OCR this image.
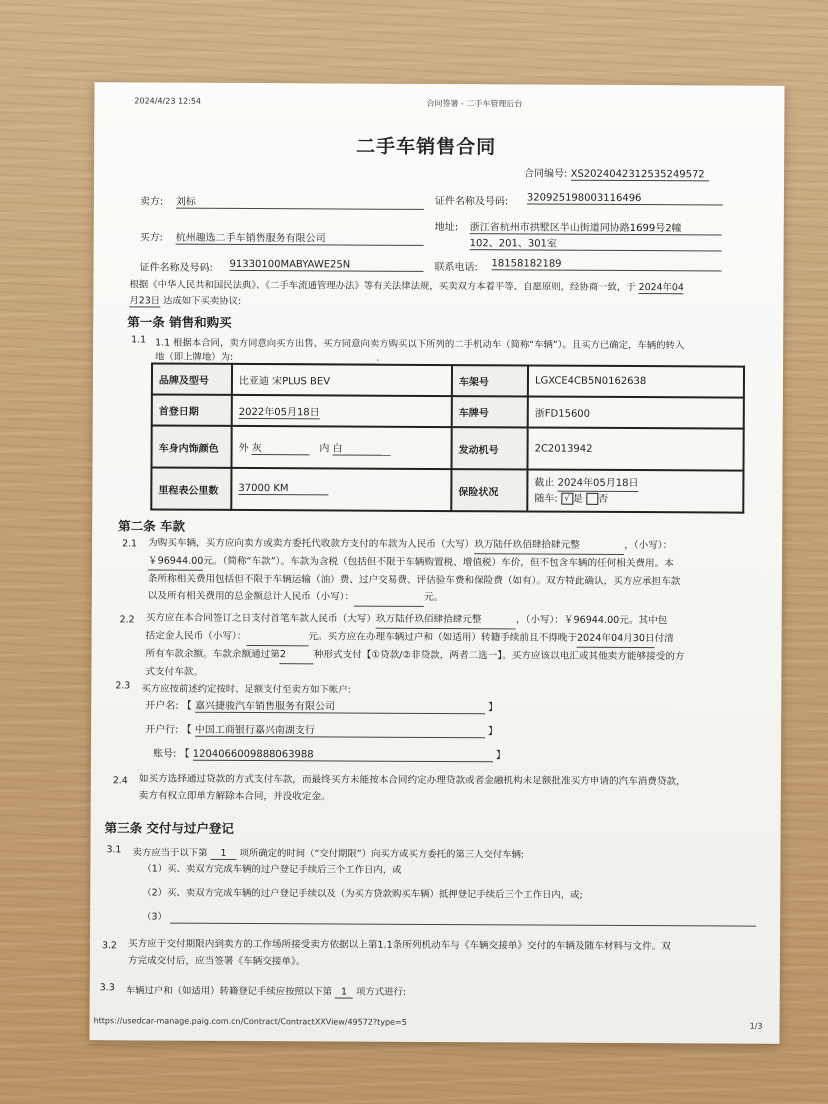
2024/4/23 12:54	合同签署 - 二手车管理后台
二手车销售合同
合同编号: XS2024042312535249572
卖方: 刘标	证件名称及号码: 320925198003116496
买方: 杭州趣选二手车销售服务有限公司
地址: 浙江省杭州市拱墅区半山街道同协路1699号2幢
102、201、301室
证件名称及号码: 91330100MABYAWE25N	联系电话: 18158182189
根据《中华人民共和国民法典》、《二手车流通管理办法》等有关法律法规，买卖双方本着平等、自愿原则，经协商一致，于 2024年04
月23日 达成如下买卖协议:
第一条 销售和购买
1.1 1.1 根据本合同，卖方同意向买方出售、买方同意向卖方购买以下所列的二手机动车（简称“车辆”）。且买方已确定，车辆的转入
地（即上牌地）为:	.
品牌及型号	比亚迪 宋PLUS BEV	车架号	LGXCE4CB5N0162638
首登日期	2022年05月18日	车牌号	浙FD15600
车身内饰颜色	外 灰 内 白	发动机号	2C2013942
里程表公里数	37000 KM	保险状况	截止 2024年05月18日
随车: √ 是 否
第二条 车款
2.1 为购买车辆，买方应向卖方或卖方委托代收款方支付的车款为人民币（大写）玖万陆仟玖佰肆拾肆元整	，（小写）：
￥96944.00元。（简称“车款”）。车款为含税（包括但不限于车辆购置税、增值税）车价，但不包含车辆的任何相关费用。本
条所称相关费用包括但不限于车辆运输（油）费、过户交易费、评估验车费和保险费（如有）。双方特此确认，买方应承担车款
以及所有相关费用的总金额总计人民币（小写）：	元。
2.2 买方应在本合同签订之日支付首笔车款人民币（大写）玖万陆仟玖佰肆拾肆元整	，（小写）：￥96944.00元。其中包
括定金人民币（小写）：	元。买方应在办理车辆过户和（如适用）转籍手续前且不得晚于2024年04月30日付清
所有车款余额。车款余额通过第2	种形式支付【①贷款/②非贷款，两者二选一】。买方应该以电汇或其他卖方能够接受的方
式支付车款。
2.3 买方应按前述约定按时、足额支付至卖方如下帐户:
开户名: 【 嘉兴捷骏汽车销售服务有限公司	】
开户行: 【 中国工商银行嘉兴南湖支行	】
账号: 【 1204066009888063988	】
2.4 如买方选择通过贷款的方式支付车款，而最终买方未能按本合同约定办理贷款或者金融机构未足额批准买方申请的汽车消费贷款，
卖方有权立即单方解除本合同，并没收定金。
第三条 交付与过户登记
3.1 卖方应当于以下第 1 项所确定的时间（“交付期限”）向买方或买方委托的第三人交付车辆:
（1）买、卖双方完成车辆的过户登记手续后三个工作日内，或
（2）买、卖双方完成车辆的过户登记手续以及（为买方贷款购买车辆）抵押登记手续后三个工作日内，或;
（3）
3.2 买方应于交付期限内到卖方的工作场所接受卖方依据以上第1.1条所列机动车与《车辆交接单》交付的车辆及随车材料与文件。双
方完成交付后，应当签署《车辆交接单》。
3.3 车辆过户和（如适用）转籍登记手续应按照以下第 1 项方式进行:
https://usedcar-manage.paig.com.cn/Contract/ContractXXView/49572?type=5	1/3
